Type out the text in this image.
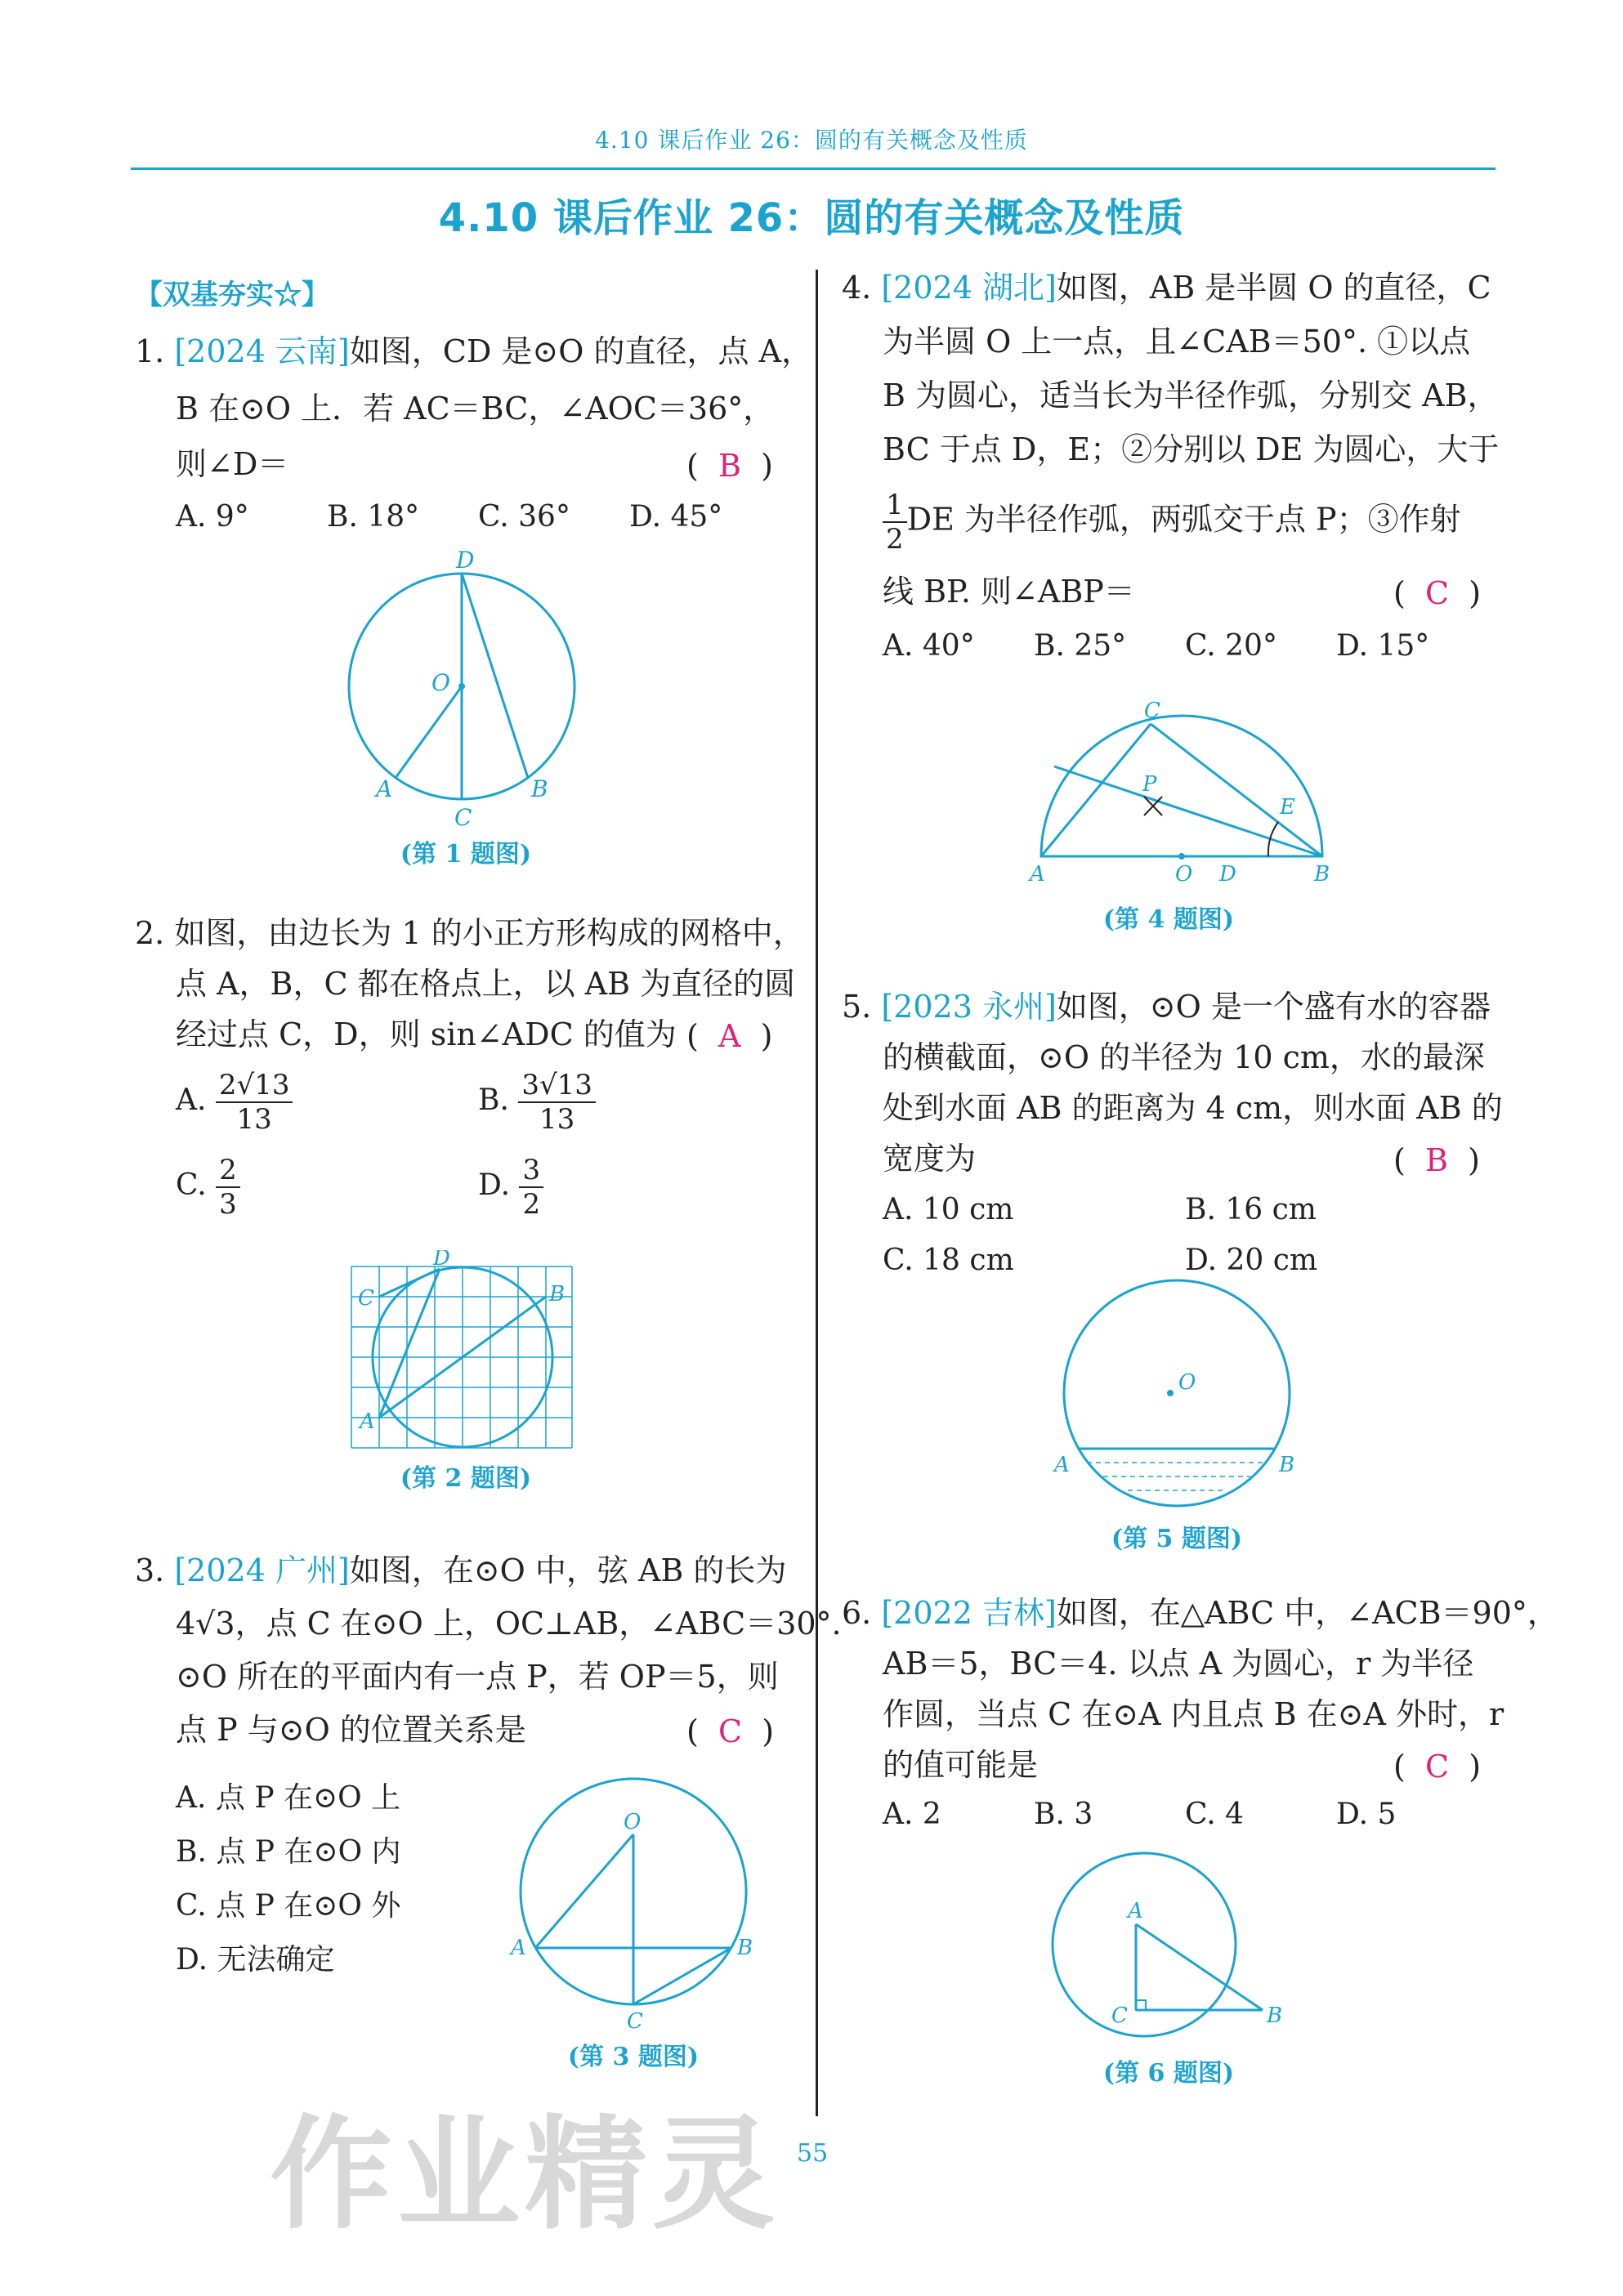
4.10 课后作业 26：圆的有关概念及性质
4.10 课后作业 26：圆的有关概念及性质
【双基夯实☆】
1. [2024 云南]如图，CD 是⊙O 的直径，点 A，
B 在⊙O 上．若 AC＝BC，∠AOC＝36°，
则∠D＝	(  B  )
A. 9°	B. 18° C. 36° D. 45°
D
O
A	B
C
(第 1 题图)
2. 如图，由边长为 1 的小正方形构成的网格中，
点 A，B，C 都在格点上，以 AB 为直径的圆
经过点 C，D，则 sin∠ADC 的值为 (  A  )
A. $\frac{2√13}{13}$	B. $\frac{3√13}{13}$
C. $\frac{2}{3}$	D. $\frac{3}{2}$
D
C	B
A
(第 2 题图)
3. [2024 广州]如图，在⊙O 中，弦 AB 的长为
4√3，点 C 在⊙O 上，OC⊥AB，∠ABC＝30°.
⊙O 所在的平面内有一点 P，若 OP＝5，则
点 P 与⊙O 的位置关系是	(  C  )
A. 点 P 在⊙O 上
B. 点 P 在⊙O 内
C. 点 P 在⊙O 外
D. 无法确定
O
A	B
C
(第 3 题图)
4. [2024 湖北]如图，AB 是半圆 O 的直径，C
为半圆 O 上一点，且∠CAB＝50°. ①以点
B 为圆心，适当长为半径作弧，分别交 AB，
BC 于点 D，E；②分别以 DE 为圆心，大于
$\frac{1}{2}$ DE 为半径作弧，两弧交于点 P；③作射
线 BP. 则∠ABP＝	(  C  )
A. 40° B. 25° C. 20° D. 15°
C
P
E
A	O D	B
(第 4 题图)
5. [2023 永州]如图，⊙O 是一个盛有水的容器
的横截面，⊙O 的半径为 10 cm，水的最深
处到水面 AB 的距离为 4 cm，则水面 AB 的
宽度为	(  B  )
A. 10 cm	B. 16 cm
C. 18 cm	D. 20 cm
O
A	B
(第 5 题图)
6. [2022 吉林]如图，在△ABC 中，∠ACB＝90°，
AB＝5，BC＝4. 以点 A 为圆心，r 为半径
作圆，当点 C 在⊙A 内且点 B 在⊙A 外时，r
的值可能是	(  C  )
A. 2	B. 3	C. 4	D. 5
A
C	B
(第 6 题图)
作业精灵 55
